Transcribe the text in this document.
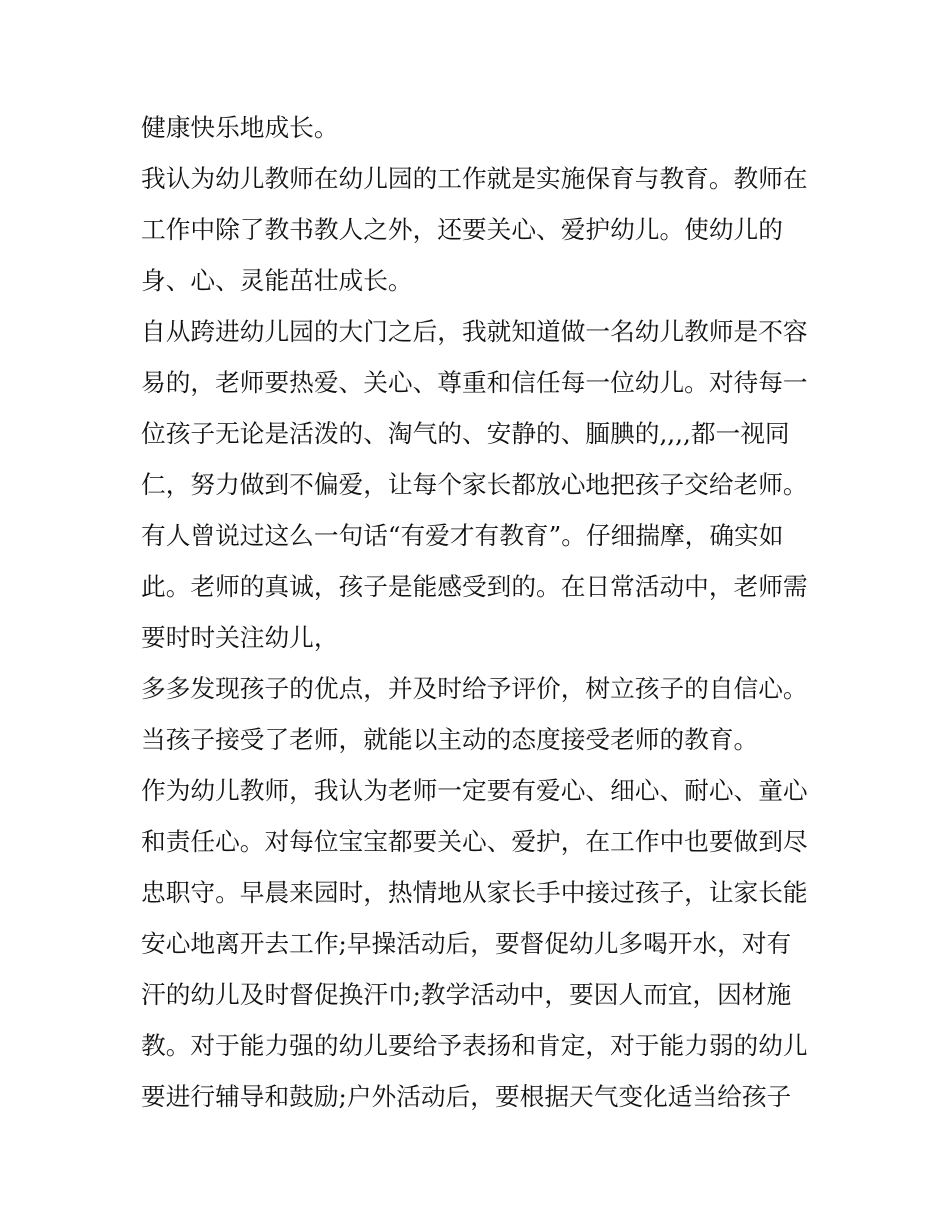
健康快乐地成长。
我认为幼儿教师在幼儿园的工作就是实施保育与教育。教师在
工作中除了教书教人之外，还要关心、爱护幼儿。使幼儿的
身、心、灵能茁壮成长。
自从跨进幼儿园的大门之后，我就知道做一名幼儿教师是不容
易的，老师要热爱、关心、尊重和信任每一位幼儿。对待每一
位孩子无论是活泼的、淘气的、安静的、腼腆的,,,,都一视同
仁，努力做到不偏爱，让每个家长都放心地把孩子交给老师。
有人曾说过这么一句话“有爱才有教育”。仔细揣摩，确实如
此。老师的真诚，孩子是能感受到的。在日常活动中，老师需
要时时关注幼儿，
多多发现孩子的优点，并及时给予评价，树立孩子的自信心。
当孩子接受了老师，就能以主动的态度接受老师的教育。
作为幼儿教师，我认为老师一定要有爱心、细心、耐心、童心
和责任心。对每位宝宝都要关心、爱护，在工作中也要做到尽
忠职守。早晨来园时，热情地从家长手中接过孩子，让家长能
安心地离开去工作;早操活动后，要督促幼儿多喝开水，对有
汗的幼儿及时督促换汗巾;教学活动中，要因人而宜，因材施
教。对于能力强的幼儿要给予表扬和肯定，对于能力弱的幼儿
要进行辅导和鼓励;户外活动后，要根据天气变化适当给孩子
